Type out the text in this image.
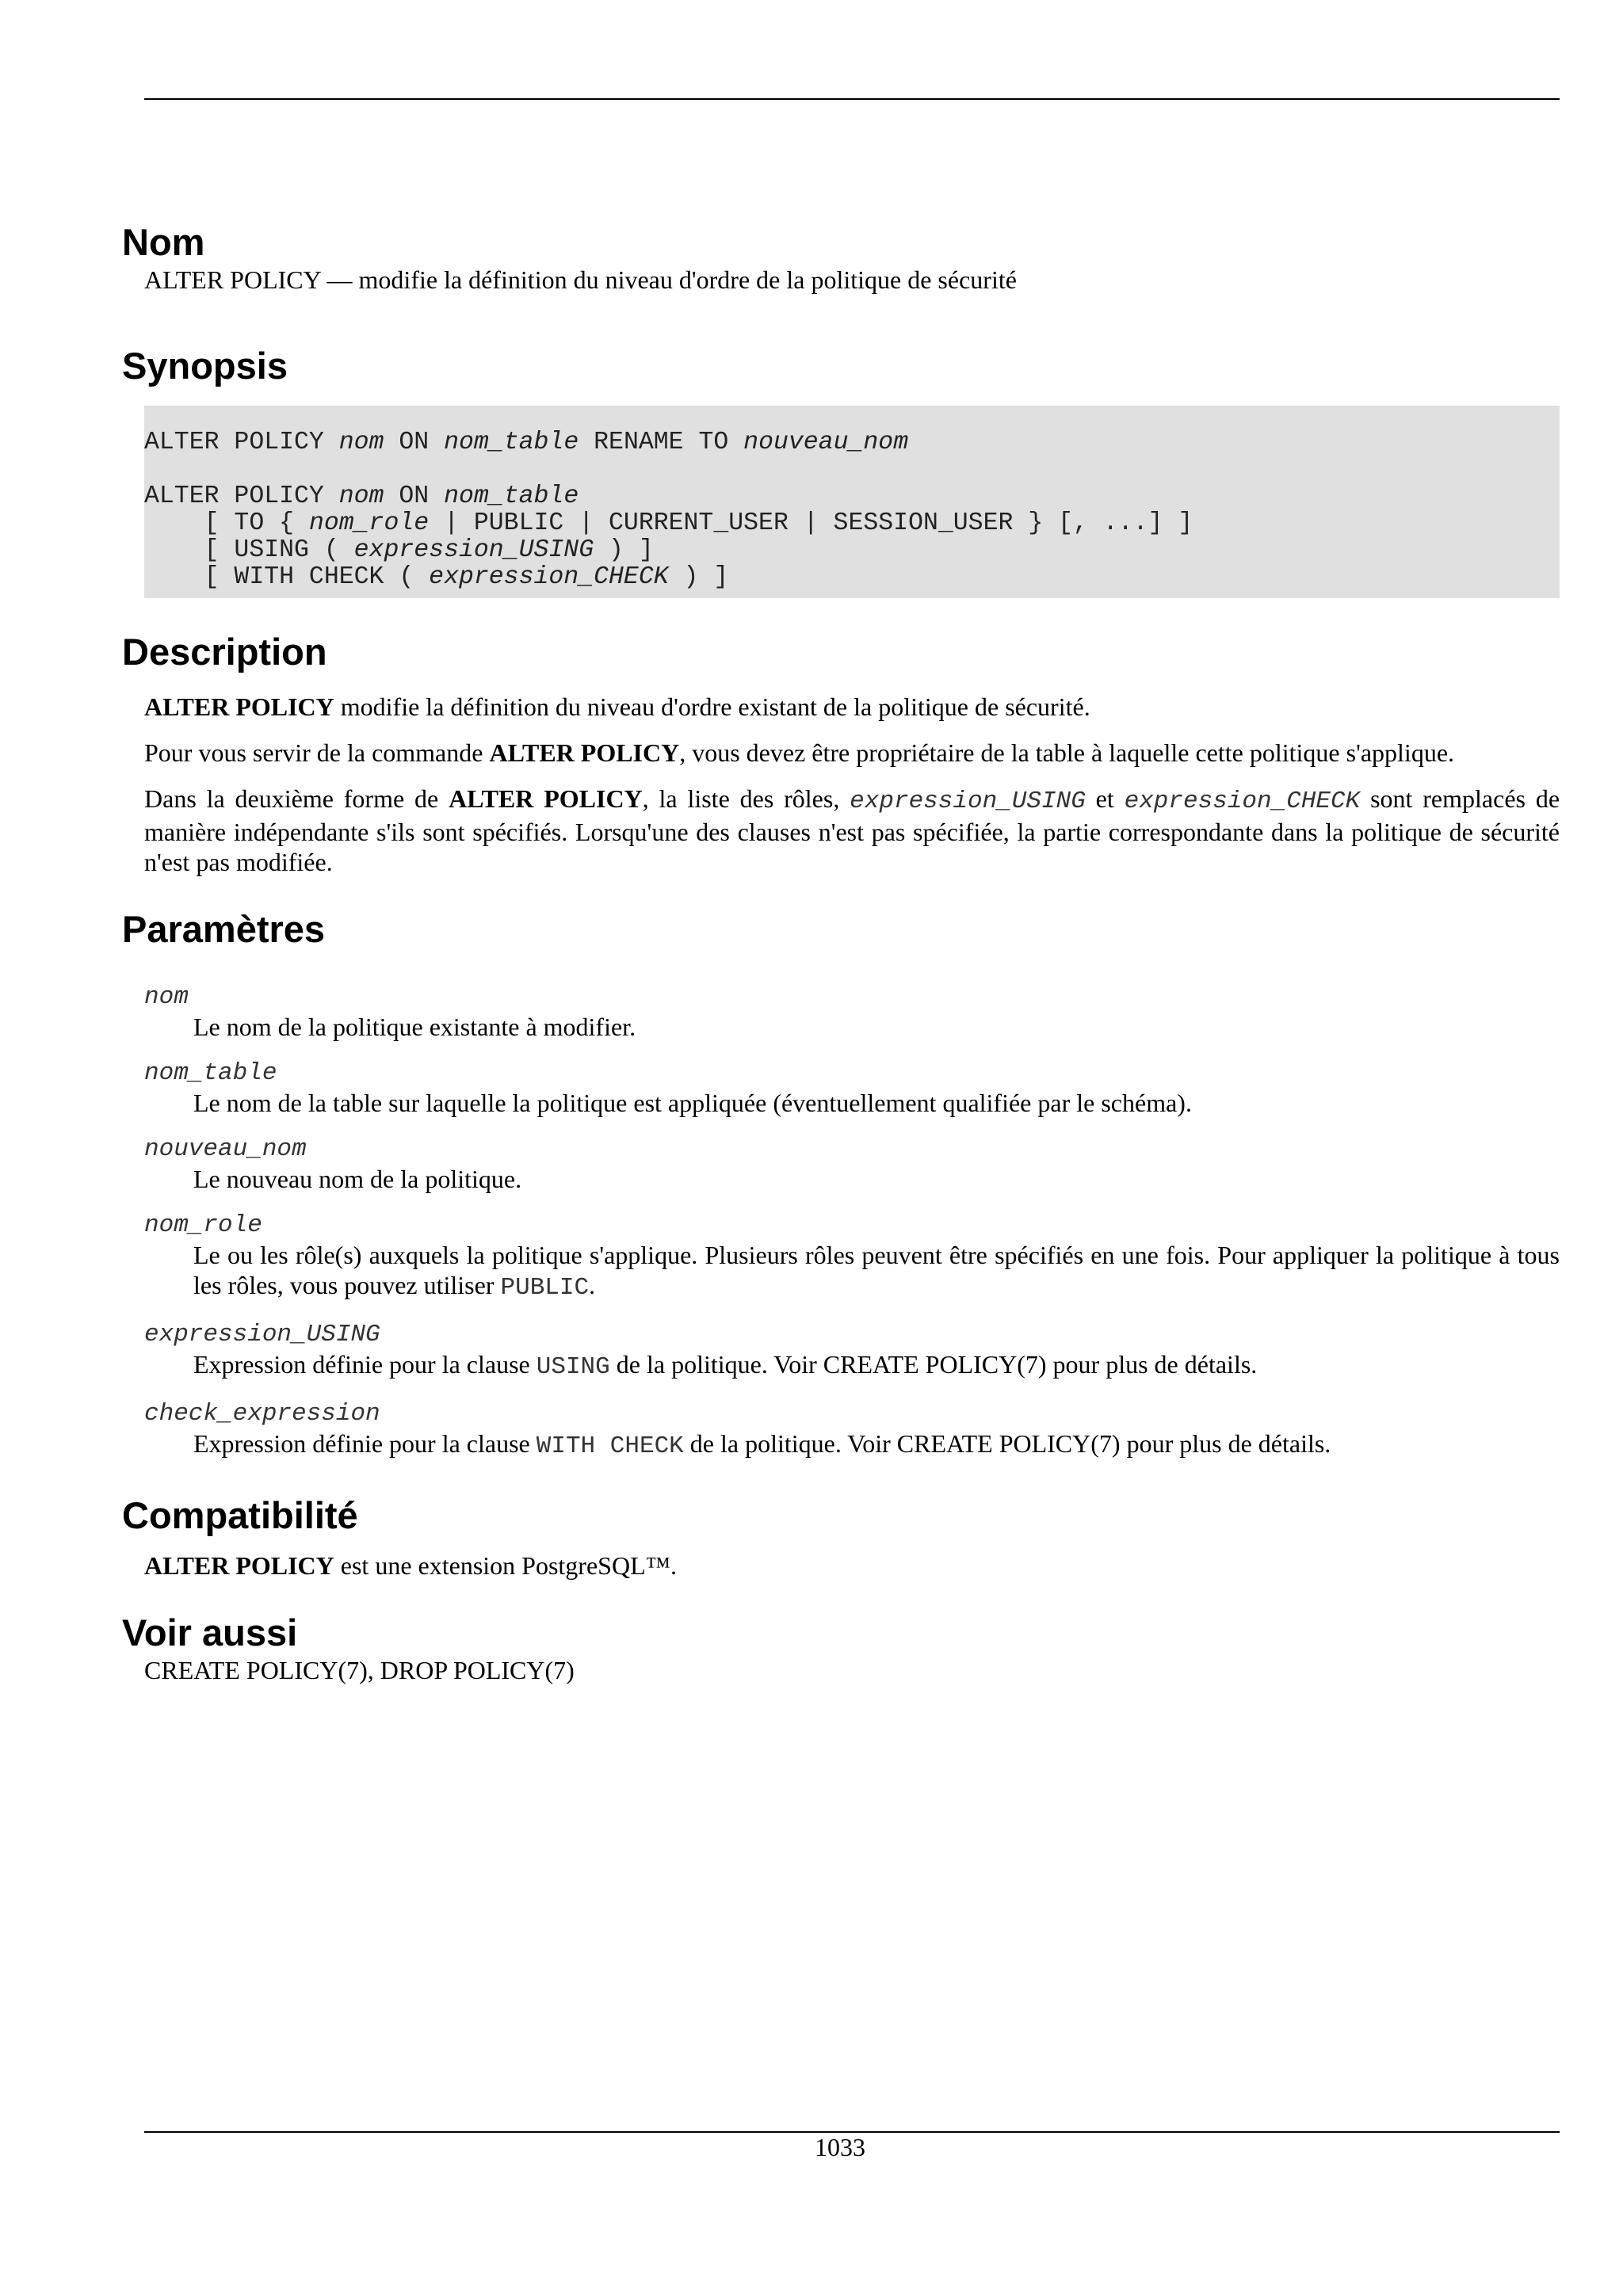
Nom

ALTER POLICY — modifie la définition du niveau d'ordre de la politique de sécurité

Synopsis
ALTER POLICY nom ON nom_table RENAME TO nouveau_nom

ALTER POLICY nom ON nom_table
[ TO { nom_role | PUBLIC | CURRENT_USER | SESSION_USER } [, ...] ]
[ USING ( expression_USING ) ]
[ WITH CHECK ( expression_CHECK ) ]
Description

ALTER POLICY modifie la définition du niveau d'ordre existant de la politique de sécurité.

Pour vous servir de la commande ALTER POLICY, vous devez être propriétaire de la table à laquelle cette politique s'applique.

Dans la deuxième forme de ALTER POLICY, la liste des rôles, expression_USING et expression_CHECK sont remplacés de manière indépendante s'ils sont spécifiés. Lorsqu'une des clauses n'est pas spécifiée, la partie correspondante dans la politique de sécurité n'est pas modifiée.

Paramètres
nom
Le nom de la politique existante à modifier.
nom_table
Le nom de la table sur laquelle la politique est appliquée (éventuellement qualifiée par le schéma).
nouveau_nom
Le nouveau nom de la politique.
nom_role
Le ou les rôle(s) auxquels la politique s'applique. Plusieurs rôles peuvent être spécifiés en une fois. Pour appliquer la politique à tous les rôles, vous pouvez utiliser PUBLIC.
expression_USING
Expression définie pour la clause USING de la politique. Voir CREATE POLICY(7) pour plus de détails.
check_expression
Expression définie pour la clause WITH CHECK de la politique. Voir CREATE POLICY(7) pour plus de détails.
Compatibilité

ALTER POLICY est une extension PostgreSQL™.

Voir aussi

CREATE POLICY(7), DROP POLICY(7)

1033
